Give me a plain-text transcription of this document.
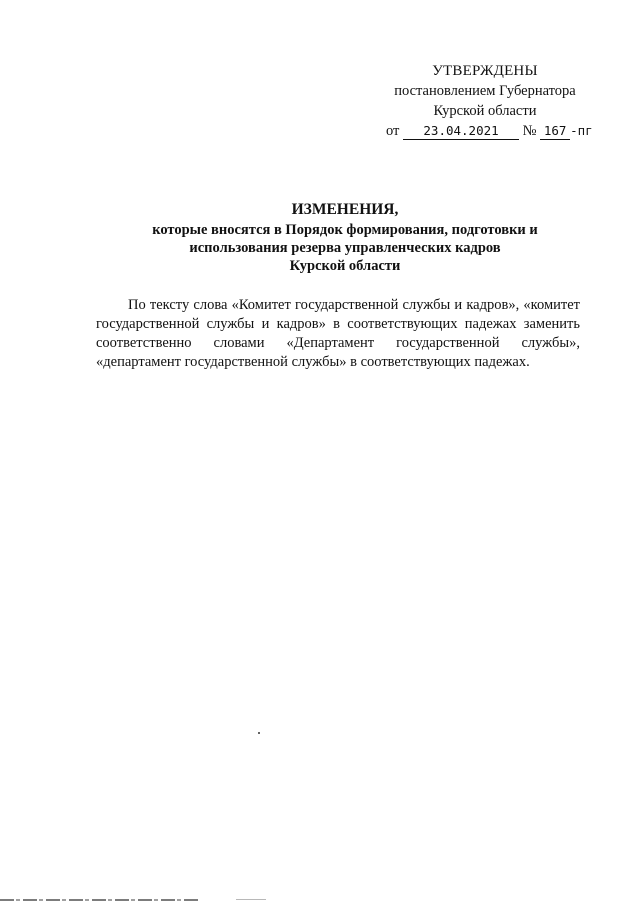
УТВЕРЖДЕНЫ
постановлением Губернатора
Курской области
от 23.04.2021 № 167 -пг
ИЗМЕНЕНИЯ,
которые вносятся в Порядок формирования, подготовки и
использования резерва управленческих кадров
Курской области

По тексту слова «Комитет государственной службы и кадров», «комитет государственной службы и кадров» в соответствующих падежах заменить соответственно словами «Департамент государственной службы», «департамент государственной службы» в соответствующих падежах.
